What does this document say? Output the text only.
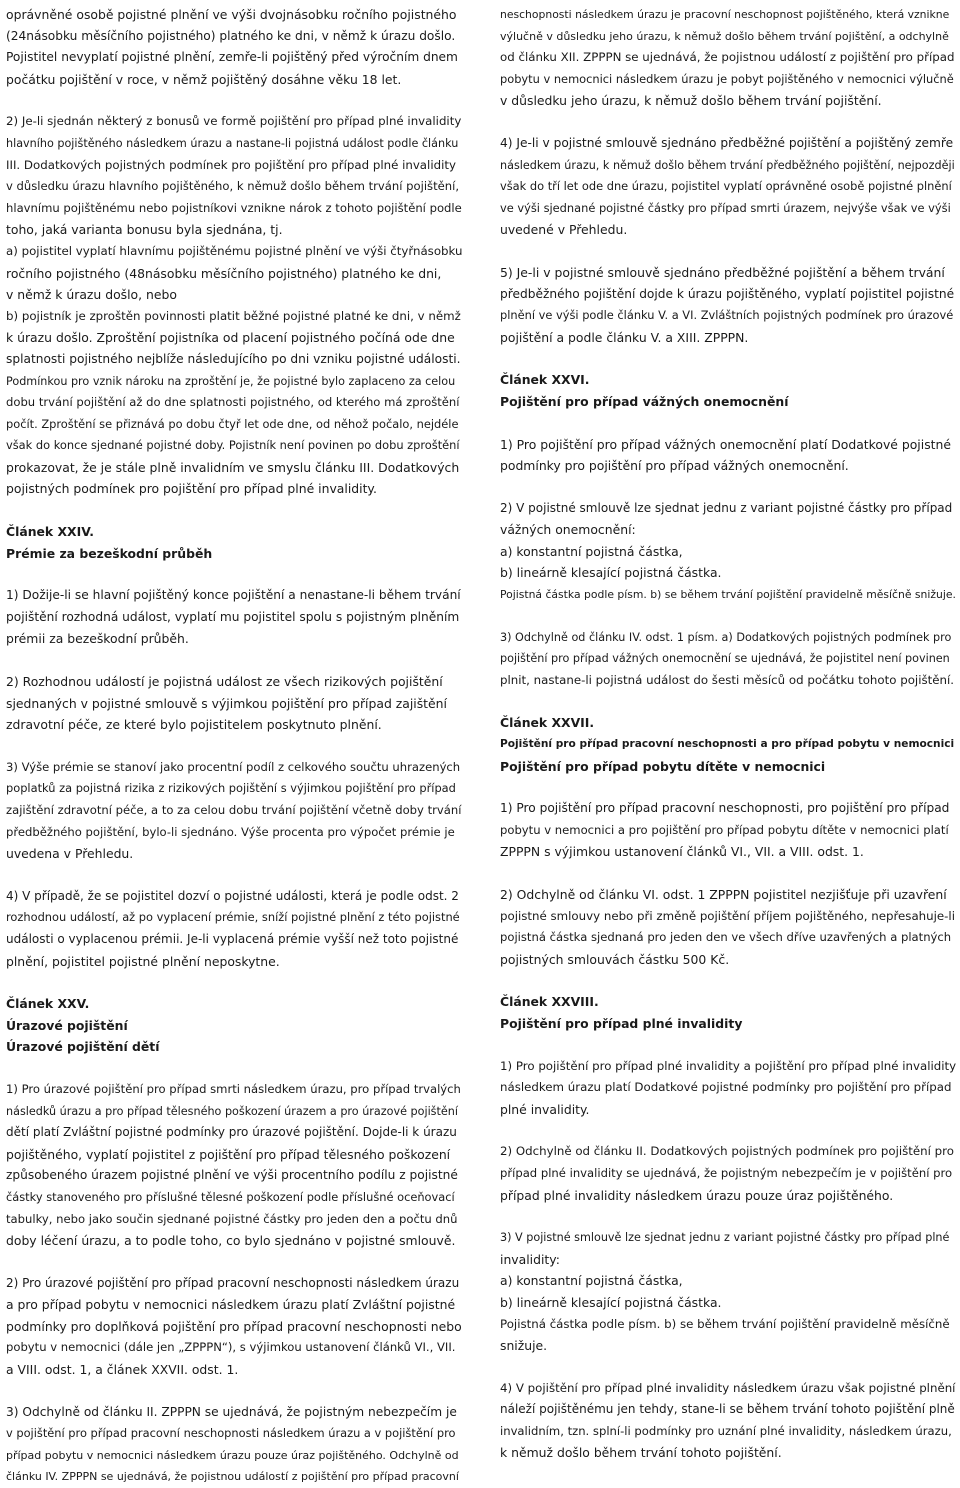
oprávněné osobě pojistné plnění ve výši dvojnásobku ročního pojistného
(24násobku měsíčního pojistného) platného ke dni, v němž k úrazu došlo.
Pojistitel nevyplatí pojistné plnění, zemře-li pojištěný před výročním dnem
počátku pojištění v roce, v němž pojištěný dosáhne věku 18 let.
2) Je-li sjednán některý z bonusů ve formě pojištění pro případ plné invalidity
hlavního pojištěného následkem úrazu a nastane-li pojistná událost podle článku
III. Dodatkových pojistných podmínek pro pojištění pro případ plné invalidity
v důsledku úrazu hlavního pojištěného, k němuž došlo během trvání pojištění,
hlavnímu pojištěnému nebo pojistníkovi vznikne nárok z tohoto pojištění podle
toho, jaká varianta bonusu byla sjednána, tj.
a) pojistitel vyplatí hlavnímu pojištěnému pojistné plnění ve výši čtyřnásobku
ročního pojistného (48násobku měsíčního pojistného) platného ke dni,
v němž k úrazu došlo, nebo
b) pojistník je zproštěn povinnosti platit běžné pojistné platné ke dni, v němž
k úrazu došlo. Zproštění pojistníka od placení pojistného počíná ode dne
splatnosti pojistného nejblíže následujícího po dni vzniku pojistné události.
Podmínkou pro vznik nároku na zproštění je, že pojistné bylo zaplaceno za celou
dobu trvání pojištění až do dne splatnosti pojistného, od kterého má zproštění
počít. Zproštění se přiznává po dobu čtyř let ode dne, od něhož počalo, nejdéle
však do konce sjednané pojistné doby. Pojistník není povinen po dobu zproštění
prokazovat, že je stále plně invalidním ve smyslu článku III. Dodatkových
pojistných podmínek pro pojištění pro případ plné invalidity.
Článek XXIV.
Prémie za bezeškodní průběh
1) Dožije-li se hlavní pojištěný konce pojištění a nenastane-li během trvání
pojištění rozhodná událost, vyplatí mu pojistitel spolu s pojistným plněním
prémii za bezeškodní průběh.
2) Rozhodnou událostí je pojistná událost ze všech rizikových pojištění
sjednaných v pojistné smlouvě s výjimkou pojištění pro případ zajištění
zdravotní péče, ze které bylo pojistitelem poskytnuto plnění.
3) Výše prémie se stanoví jako procentní podíl z celkového součtu uhrazených
poplatků za pojistná rizika z rizikových pojištění s výjimkou pojištění pro případ
zajištění zdravotní péče, a to za celou dobu trvání pojištění včetně doby trvání
předběžného pojištění, bylo-li sjednáno. Výše procenta pro výpočet prémie je
uvedena v Přehledu.
4) V případě, že se pojistitel dozví o pojistné události, která je podle odst. 2
rozhodnou událostí, až po vyplacení prémie, sníží pojistné plnění z této pojistné
události o vyplacenou prémii. Je-li vyplacená prémie vyšší než toto pojistné
plnění, pojistitel pojistné plnění neposkytne.
Článek XXV.
Úrazové pojištění
Úrazové pojištění dětí
1) Pro úrazové pojištění pro případ smrti následkem úrazu, pro případ trvalých
následků úrazu a pro případ tělesného poškození úrazem a pro úrazové pojištění
dětí platí Zvláštní pojistné podmínky pro úrazové pojištění. Dojde-li k úrazu
pojištěného, vyplatí pojistitel z pojištění pro případ tělesného poškození
způsobeného úrazem pojistné plnění ve výši procentního podílu z pojistné
částky stanoveného pro příslušné tělesné poškození podle příslušné oceňovací
tabulky, nebo jako součin sjednané pojistné částky pro jeden den a počtu dnů
doby léčení úrazu, a to podle toho, co bylo sjednáno v pojistné smlouvě.
2) Pro úrazové pojištění pro případ pracovní neschopnosti následkem úrazu
a pro případ pobytu v nemocnici následkem úrazu platí Zvláštní pojistné
podmínky pro doplňková pojištění pro případ pracovní neschopnosti nebo
pobytu v nemocnici (dále jen „ZPPPN“), s výjimkou ustanovení článků VI., VII.
a VIII. odst. 1, a článek XXVII. odst. 1.
3) Odchylně od článku II. ZPPPN se ujednává, že pojistným nebezpečím je
v pojištění pro případ pracovní neschopnosti následkem úrazu a v pojištění pro
případ pobytu v nemocnici následkem úrazu pouze úraz pojištěného. Odchylně od
článku IV. ZPPPN se ujednává, že pojistnou událostí z pojištění pro případ pracovní
neschopnosti následkem úrazu je pracovní neschopnost pojištěného, která vznikne
výlučně v důsledku jeho úrazu, k němuž došlo během trvání pojištění, a odchylně
od článku XII. ZPPPN se ujednává, že pojistnou událostí z pojištění pro případ
pobytu v nemocnici následkem úrazu je pobyt pojištěného v nemocnici výlučně
v důsledku jeho úrazu, k němuž došlo během trvání pojištění.
4) Je-li v pojistné smlouvě sjednáno předběžné pojištění a pojištěný zemře
následkem úrazu, k němuž došlo během trvání předběžného pojištění, nejpozději
však do tří let ode dne úrazu, pojistitel vyplatí oprávněné osobě pojistné plnění
ve výši sjednané pojistné částky pro případ smrti úrazem, nejvýše však ve výši
uvedené v Přehledu.
5) Je-li v pojistné smlouvě sjednáno předběžné pojištění a během trvání
předběžného pojištění dojde k úrazu pojištěného, vyplatí pojistitel pojistné
plnění ve výši podle článku V. a VI. Zvláštních pojistných podmínek pro úrazové
pojištění a podle článku V. a XIII. ZPPPN.
Článek XXVI.
Pojištění pro případ vážných onemocnění
1) Pro pojištění pro případ vážných onemocnění platí Dodatkové pojistné
podmínky pro pojištění pro případ vážných onemocnění.
2) V pojistné smlouvě lze sjednat jednu z variant pojistné částky pro případ
vážných onemocnění:
a) konstantní pojistná částka,
b) lineárně klesající pojistná částka.
Pojistná částka podle písm. b) se během trvání pojištění pravidelně měsíčně snižuje.
3) Odchylně od článku IV. odst. 1 písm. a) Dodatkových pojistných podmínek pro
pojištění pro případ vážných onemocnění se ujednává, že pojistitel není povinen
plnit, nastane-li pojistná událost do šesti měsíců od počátku tohoto pojištění.
Článek XXVII.
Pojištění pro případ pracovní neschopnosti a pro případ pobytu v nemocnici
Pojištění pro případ pobytu dítěte v nemocnici
1) Pro pojištění pro případ pracovní neschopnosti, pro pojištění pro případ
pobytu v nemocnici a pro pojištění pro případ pobytu dítěte v nemocnici platí
ZPPPN s výjimkou ustanovení článků VI., VII. a VIII. odst. 1.
2) Odchylně od článku VI. odst. 1 ZPPPN pojistitel nezjišťuje při uzavření
pojistné smlouvy nebo při změně pojištění příjem pojištěného, nepřesahuje-li
pojistná částka sjednaná pro jeden den ve všech dříve uzavřených a platných
pojistných smlouvách částku 500 Kč.
Článek XXVIII.
Pojištění pro případ plné invalidity
1) Pro pojištění pro případ plné invalidity a pojištění pro případ plné invalidity
následkem úrazu platí Dodatkové pojistné podmínky pro pojištění pro případ
plné invalidity.
2) Odchylně od článku II. Dodatkových pojistných podmínek pro pojištění pro
případ plné invalidity se ujednává, že pojistným nebezpečím je v pojištění pro
případ plné invalidity následkem úrazu pouze úraz pojištěného.
3) V pojistné smlouvě lze sjednat jednu z variant pojistné částky pro případ plné
invalidity:
a) konstantní pojistná částka,
b) lineárně klesající pojistná částka.
Pojistná částka podle písm. b) se během trvání pojištění pravidelně měsíčně
snižuje.
4) V pojištění pro případ plné invalidity následkem úrazu však pojistné plnění
náleží pojištěnému jen tehdy, stane-li se během trvání tohoto pojištění plně
invalidním, tzn. splní-li podmínky pro uznání plné invalidity, následkem úrazu,
k němuž došlo během trvání tohoto pojištění.
